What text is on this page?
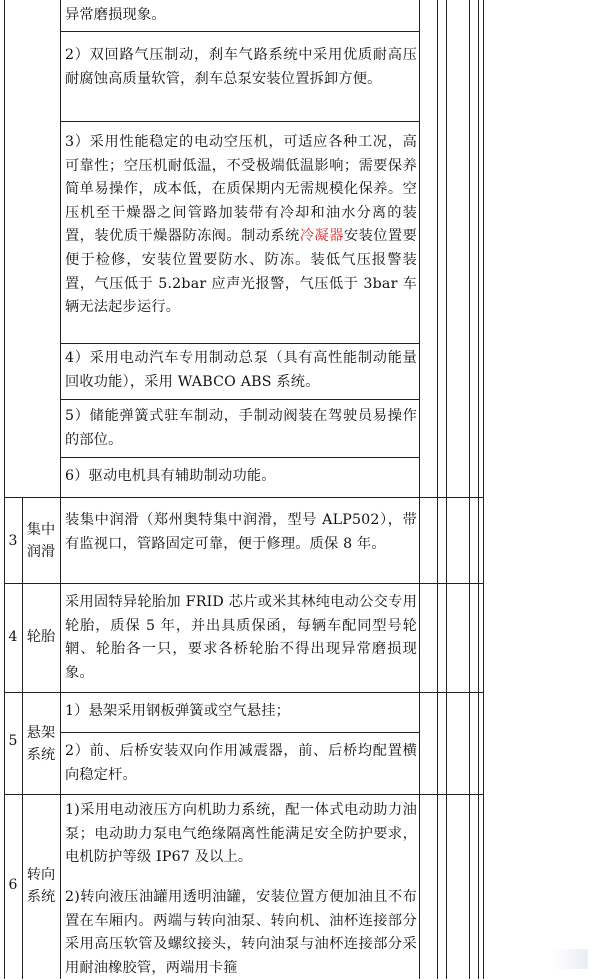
异常磨损现象。
2）双回路气压制动，刹车气路系统中采用优质耐高压耐腐蚀高质量软管，刹车总泵安装位置拆卸方便。
3）采用性能稳定的电动空压机，可适应各种工况，高可靠性；空压机耐低温，不受极端低温影响；需要保养简单易操作，成本低，在质保期内无需规模化保养。空压机至干燥器之间管路加装带有冷却和油水分离的装置，装优质干燥器防冻阀。制动系统冷凝器安装位置要便于检修，安装位置要防水、防冻。装低气压报警装置，气压低于 5.2bar 应声光报警，气压低于 3bar 车辆无法起步运行。
4）采用电动汽车专用制动总泵（具有高性能制动能量回收功能），采用 WABCO ABS 系统。
5）储能弹簧式驻车制动，手制动阀装在驾驶员易操作的部位。
6）驱动电机具有辅助制动功能。
3
集中润滑
装集中润滑（郑州奥特集中润滑，型号 ALP502），带有监视口，管路固定可靠，便于修理。质保 8 年。
4 轮胎
采用固特异轮胎加 FRID 芯片或米其林纯电动公交专用轮胎，质保 5 年，并出具质保函，每辆车配同型号轮辋、轮胎各一只，要求各桥轮胎不得出现异常磨损现象。
5 悬架系统
1）悬架采用钢板弹簧或空气悬挂；
2）前、后桥安装双向作用减震器，前、后桥均配置横向稳定杆。
6
转向系统
1)采用电动液压方向机助力系统，配一体式电动助力油泵；电动助力泵电气绝缘隔离性能满足安全防护要求，电机防护等级 IP67 及以上。
2)转向液压油罐用透明油罐，安装位置方便加油且不布置在车厢内。两端与转向油泵、转向机、油杯连接部分采用高压软管及螺纹接头，转向油泵与油杯连接部分采用耐油橡胶管，两端用卡箍
